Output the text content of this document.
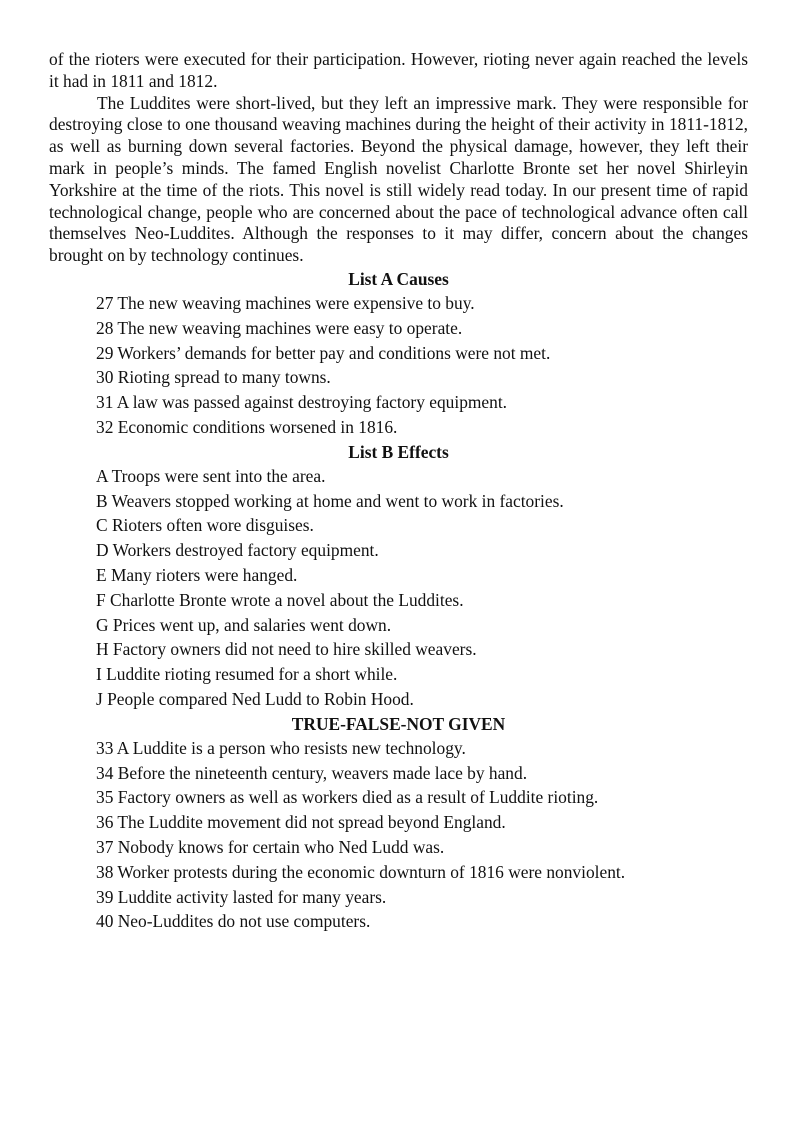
of the rioters were executed for their participation. However, rioting never again reached the levels it had in 1811 and 1812.

The Luddites were short-lived, but they left an impressive mark. They were responsible for destroying close to one thousand weaving machines during the height of their activity in 1811-1812, as well as burning down several factories. Beyond the physical damage, however, they left their mark in people’s minds. The famed English novelist Charlotte Bronte set her novel Shirleyin Yorkshire at the time of the riots. This novel is still widely read today. In our present time of rapid technological change, people who are concerned about the pace of technological advance often call themselves Neo-Luddites. Although the responses to it may differ, concern about the changes brought on by technology continues.

List A Causes
27 The new weaving machines were expensive to buy.
28 The new weaving machines were easy to operate.
29 Workers’ demands for better pay and conditions were not met.
30 Rioting spread to many towns.
31 A law was passed against destroying factory equipment.
32 Economic conditions worsened in 1816.
List B Effects
A Troops were sent into the area.
B Weavers stopped working at home and went to work in factories.
C Rioters often wore disguises.
D Workers destroyed factory equipment.
E Many rioters were hanged.
F Charlotte Bronte wrote a novel about the Luddites.
G Prices went up, and salaries went down.
H Factory owners did not need to hire skilled weavers.
I Luddite rioting resumed for a short while.
J People compared Ned Ludd to Robin Hood.
TRUE-FALSE-NOT GIVEN
33 A Luddite is a person who resists new technology.
34 Before the nineteenth century, weavers made lace by hand.
35 Factory owners as well as workers died as a result of Luddite rioting.
36 The Luddite movement did not spread beyond England.
37 Nobody knows for certain who Ned Ludd was.
38 Worker protests during the economic downturn of 1816 were nonviolent.
39 Luddite activity lasted for many years.
40 Neo-Luddites do not use computers.
